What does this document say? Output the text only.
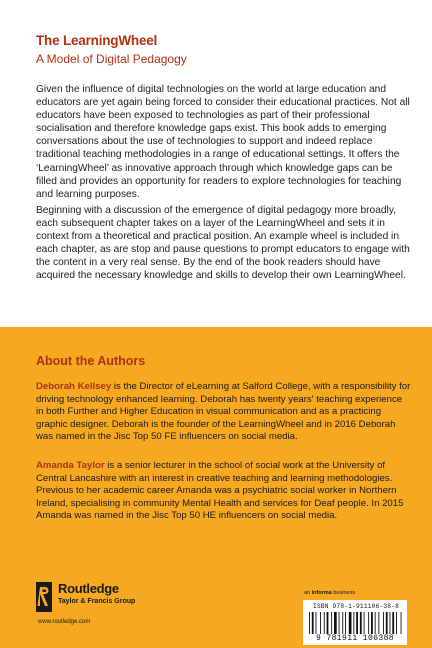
The LearningWheel
A Model of Digital Pedagogy

Given the influence of digital technologies on the world at large education and educators are yet again being forced to consider their educational practices. Not all educators have been exposed to technologies as part of their professional socialisation and therefore knowledge gaps exist. This book adds to emerging conversations about the use of technologies to support and indeed replace traditional teaching methodologies in a range of educational settings. It offers the ‘LearningWheel’ as innovative approach through which knowledge gaps can be filled and provides an opportunity for readers to explore technologies for teaching and learning purposes.

Beginning with a discussion of the emergence of digital pedagogy more broadly, each subsequent chapter takes on a layer of the LearningWheel and sets it in context from a theoretical and practical position. An example wheel is included in each chapter, as are stop and pause questions to prompt educators to engage with the content in a very real sense. By the end of the book readers should have acquired the necessary knowledge and skills to develop their own LearningWheel.

About the Authors

Deborah Kellsey is the Director of eLearning at Salford College, with a responsibility for driving technology enhanced learning. Deborah has twenty years' teaching experience in both Further and Higher Education in visual communication and as a practicing graphic designer. Deborah is the founder of the LearningWheel and in 2016 Deborah was named in the Jisc Top 50 FE influencers on social media.

Amanda Taylor is a senior lecturer in the school of social work at the University of Central Lancashire with an interest in creative teaching and learning methodologies. Previous to her academic career Amanda was a psychiatric social worker in Northern Ireland, specialising in community Mental Health and services for Deaf people. In 2015 Amanda was named in the Jisc Top 50 HE influencers on social media.

Routledge
Taylor & Francis Group
www.routledge.com
an informa business
ISBN 978-1-911106-38-8
9 781911 106388
